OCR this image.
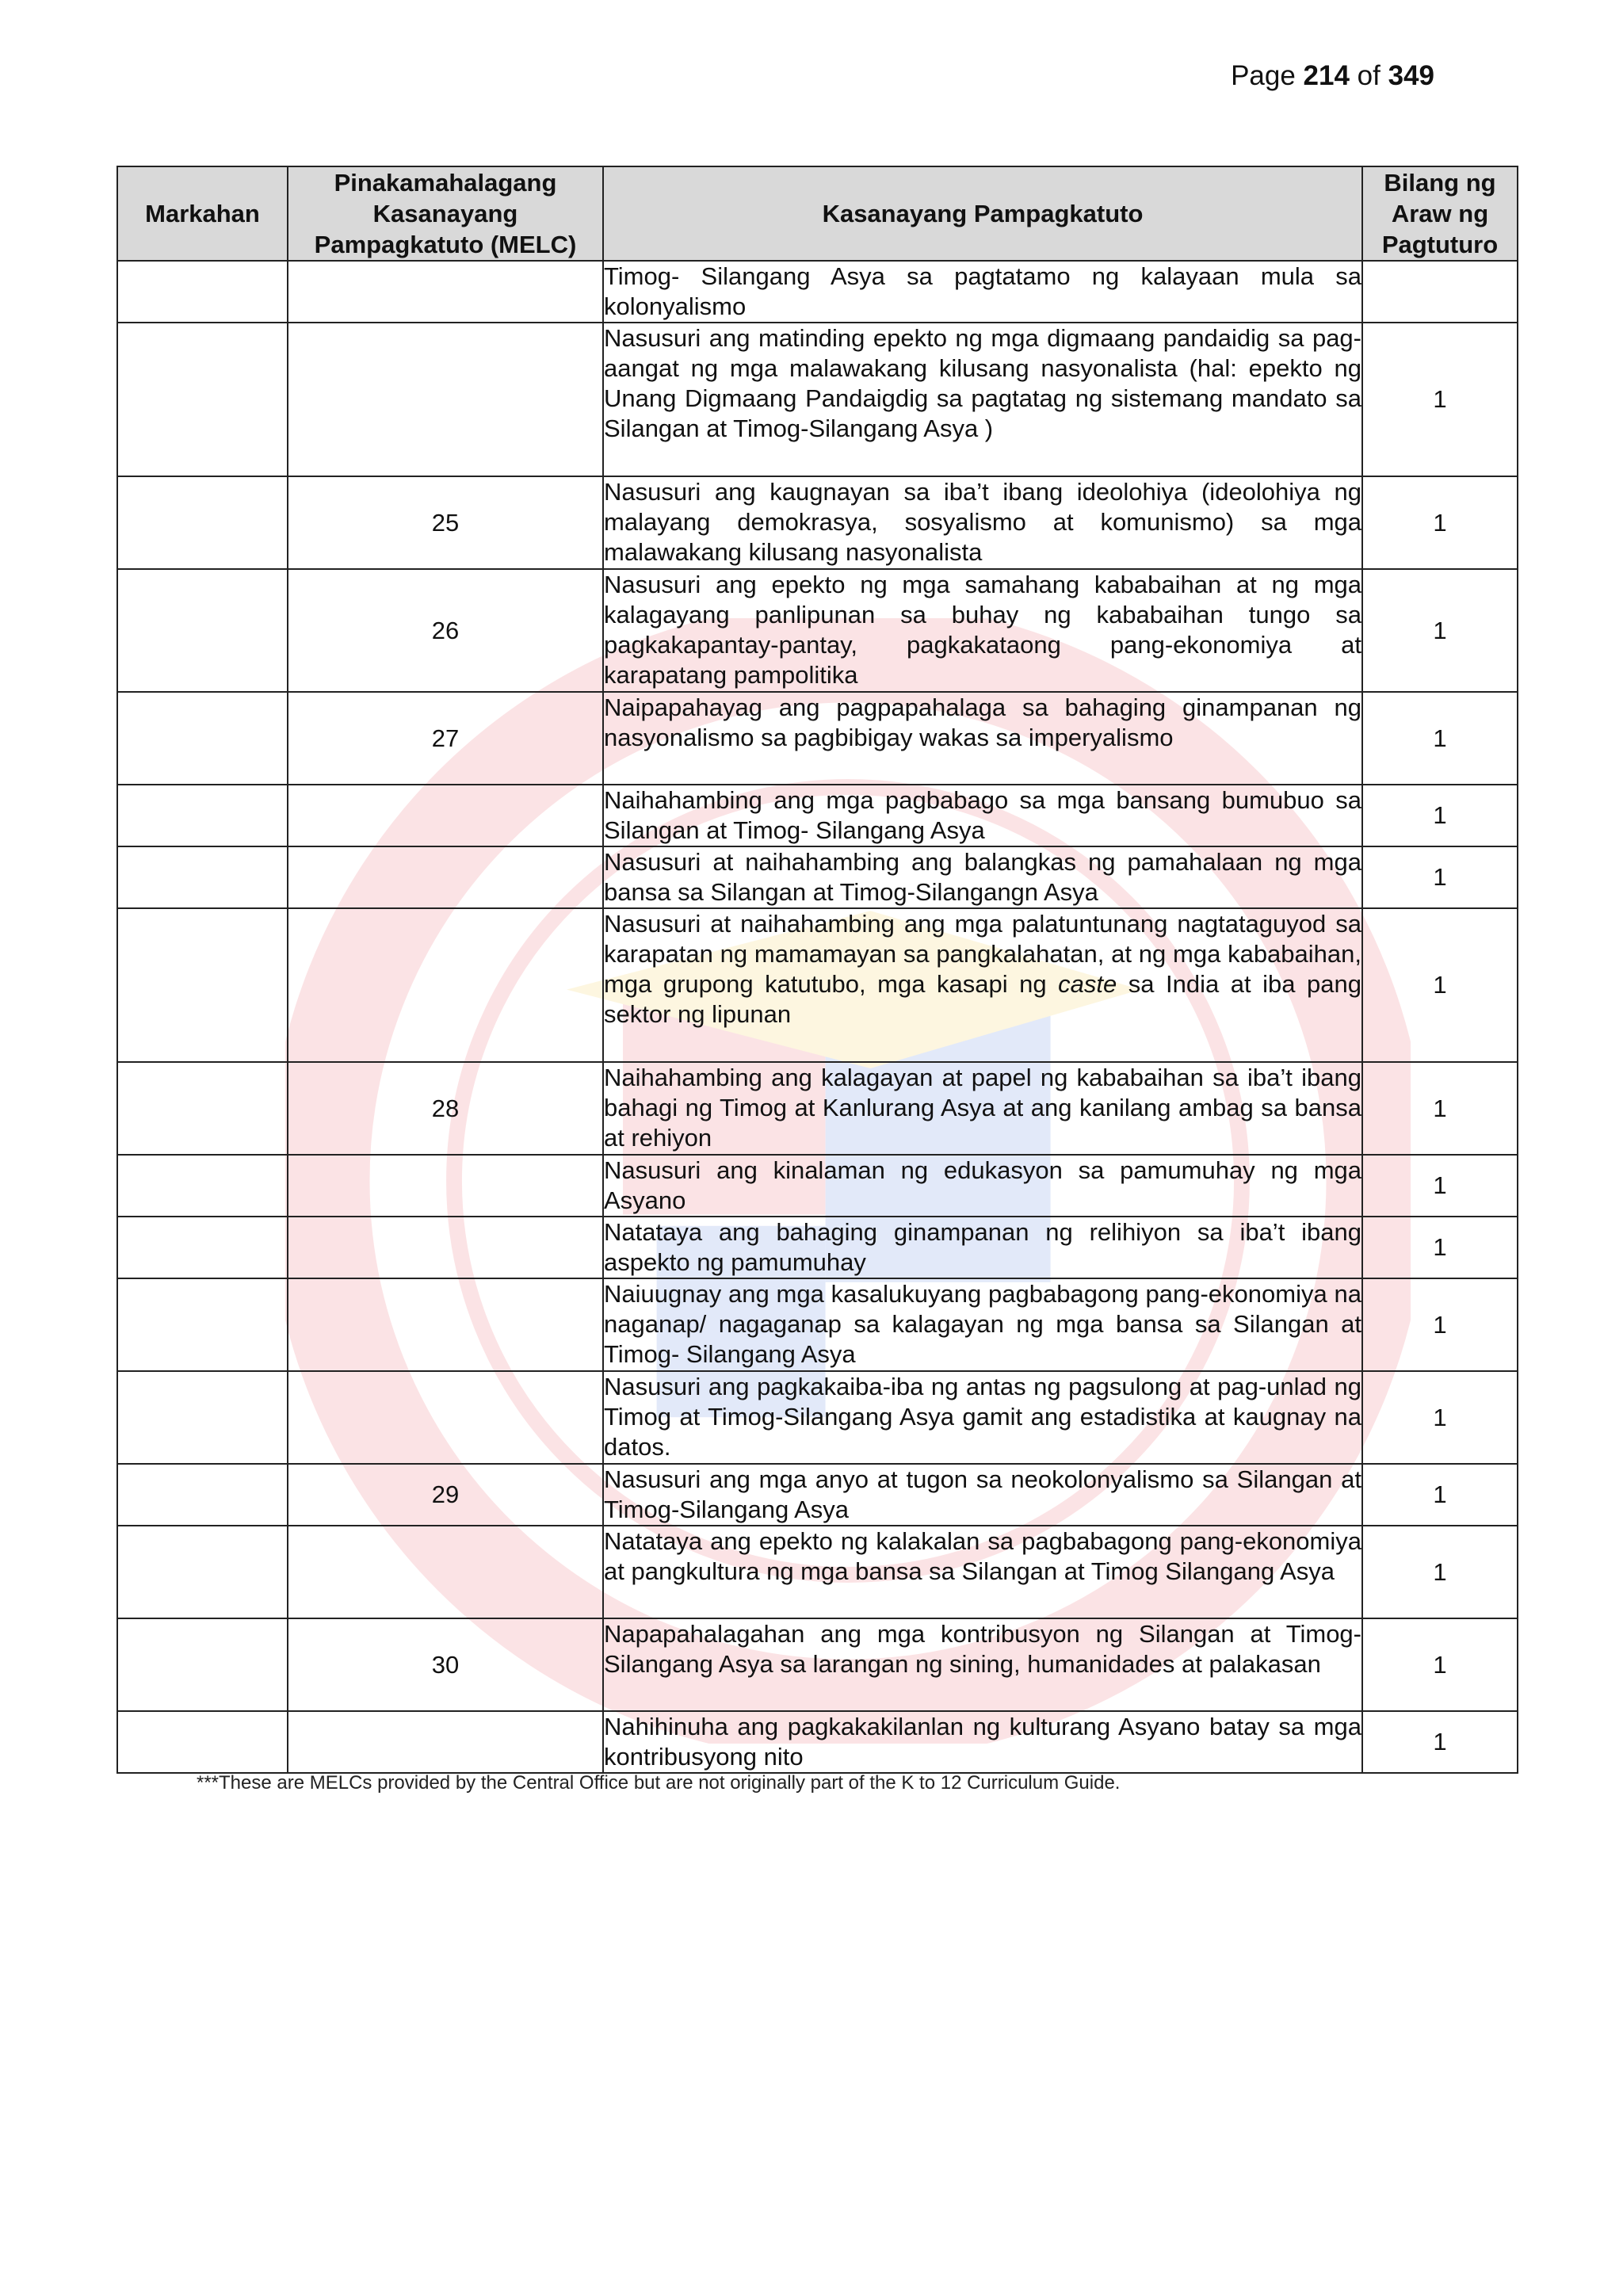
Page 214 of 349
Markahan	Pinakamahalagang Kasanayang Pampagkatuto (MELC)	Kasanayang Pampagkatuto	Bilang ng Araw ng Pagtuturo
		Timog- Silangang Asya sa pagtatamo ng kalayaan mula sa kolonyalismo	
		Nasusuri ang matinding epekto ng mga digmaang pandaidig sa pag-aangat ng mga malawakang kilusang nasyonalista (hal: epekto ng Unang Digmaang Pandaigdig sa pagtatag ng sistemang mandato sa Silangan at Timog-Silangang Asya )	1
	25	Nasusuri ang kaugnayan sa iba’t ibang ideolohiya (ideolohiya ng malayang demokrasya, sosyalismo at komunismo) sa mga malawakang kilusang nasyonalista	1
	26	Nasusuri ang epekto ng mga samahang kababaihan at ng mga kalagayang panlipunan sa buhay ng kababaihan tungo sa pagkakapantay-pantay, pagkakataong pang-ekonomiya at karapatang pampolitika	1
	27	Naipapahayag ang pagpapahalaga sa bahaging ginampanan ng nasyonalismo sa pagbibigay wakas sa imperyalismo	1
		Naihahambing ang mga pagbabago sa mga bansang bumubuo sa Silangan at Timog- Silangang Asya	1
		Nasusuri at naihahambing ang balangkas ng pamahalaan ng mga bansa sa Silangan at Timog-Silangangn Asya	1
		Nasusuri at naihahambing ang mga palatuntunang nagtataguyod sa karapatan ng mamamayan sa pangkalahatan, at ng mga kababaihan, mga grupong katutubo, mga kasapi ng caste sa India at iba pang sektor ng lipunan	1
	28	Naihahambing ang kalagayan at papel ng kababaihan sa iba’t ibang bahagi ng Timog at Kanlurang Asya at ang kanilang ambag sa bansa at rehiyon	1
		Nasusuri ang kinalaman ng edukasyon sa pamumuhay ng mga Asyano	1
		Natataya ang bahaging ginampanan ng relihiyon sa iba’t ibang aspekto ng pamumuhay	1
		Naiuugnay ang mga kasalukuyang pagbabagong pang-ekonomiya na naganap/ nagaganap sa kalagayan ng mga bansa sa Silangan at Timog- Silangang Asya	1
		Nasusuri ang pagkakaiba-iba ng antas ng pagsulong at pag-unlad ng Timog at Timog-Silangang Asya gamit ang estadistika at kaugnay na datos.	1
	29	Nasusuri ang mga anyo at tugon sa neokolonyalismo sa Silangan at Timog-Silangang Asya	1
		Natataya ang epekto ng kalakalan sa pagbabagong pang-ekonomiya at pangkultura ng mga bansa sa Silangan at Timog Silangang Asya	1
	30	Napapahalagahan ang mga kontribusyon ng Silangan at Timog-Silangang Asya sa larangan ng sining, humanidades at palakasan	1
		Nahihinuha ang pagkakakilanlan ng kulturang Asyano batay sa mga kontribusyong nito	1
***These are MELCs provided by the Central Office but are not originally part of the K to 12 Curriculum Guide.
